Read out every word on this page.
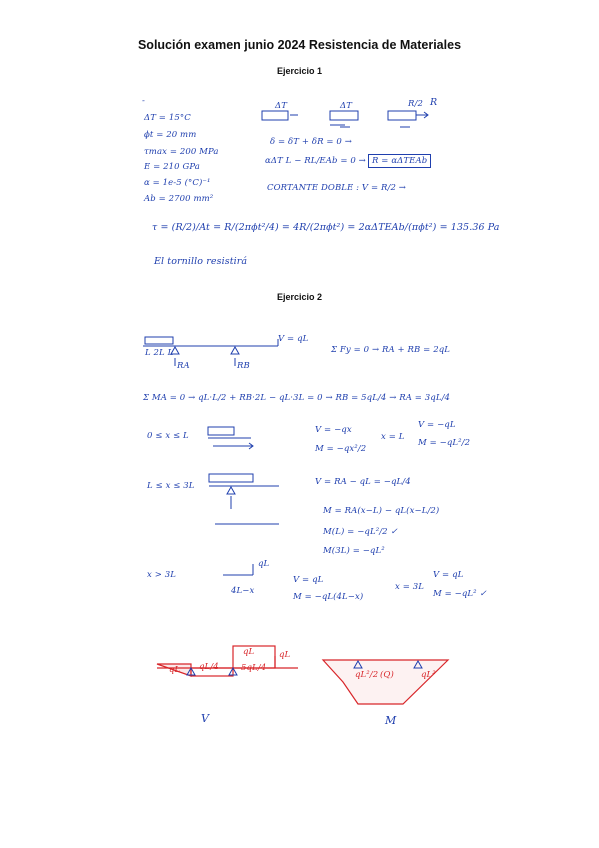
Solución examen junio 2024 Resistencia de Materiales
Ejercicio 1
Ejercicio 2
-
ΔT = 15°C
ϕt = 20 mm
τmax = 200 MPa
E = 210 GPa
α = 1e-5 (°C)⁻¹
Ab = 2700 mm²
ΔT	ΔT	R/2 R
δ = δT + δR = 0 →
αΔT L − RL/EAb = 0 → R = αΔTEAb
CORTANTE DOBLE : V = R/2 →
τ = (R/2)/At = R/(2πϕt²/4) = 4R/(2πϕt²) = 2αΔTEAb/(πϕt²) = 135.36 Pa
El tornillo resistirá
V = qL
L 2L L
RA	RB
Σ Fy = 0 → RA + RB = 2qL
Σ MA = 0 → qL·L/2 + RB·2L − qL·3L = 0 → RB = 5qL/4 → RA = 3qL/4
0 ≤ x ≤ L
V = −qx
M = −qx²/2
x = L
V = −qL
M = −qL²/2
L ≤ x ≤ 3L	V = RA − qL = −qL/4
M = RA(x−L) − qL(x−L/2)
M(L) = −qL²/2 ✓
M(3L) = −qL²
x > 3L
qL
4L−x
V = qL
M = −qL(4L−x)
x = 3L
V = qL
M = −qL² ✓
qL qL/4	5qL/4
qL	qL
V
qL²/2 (Q)	qL²
M
